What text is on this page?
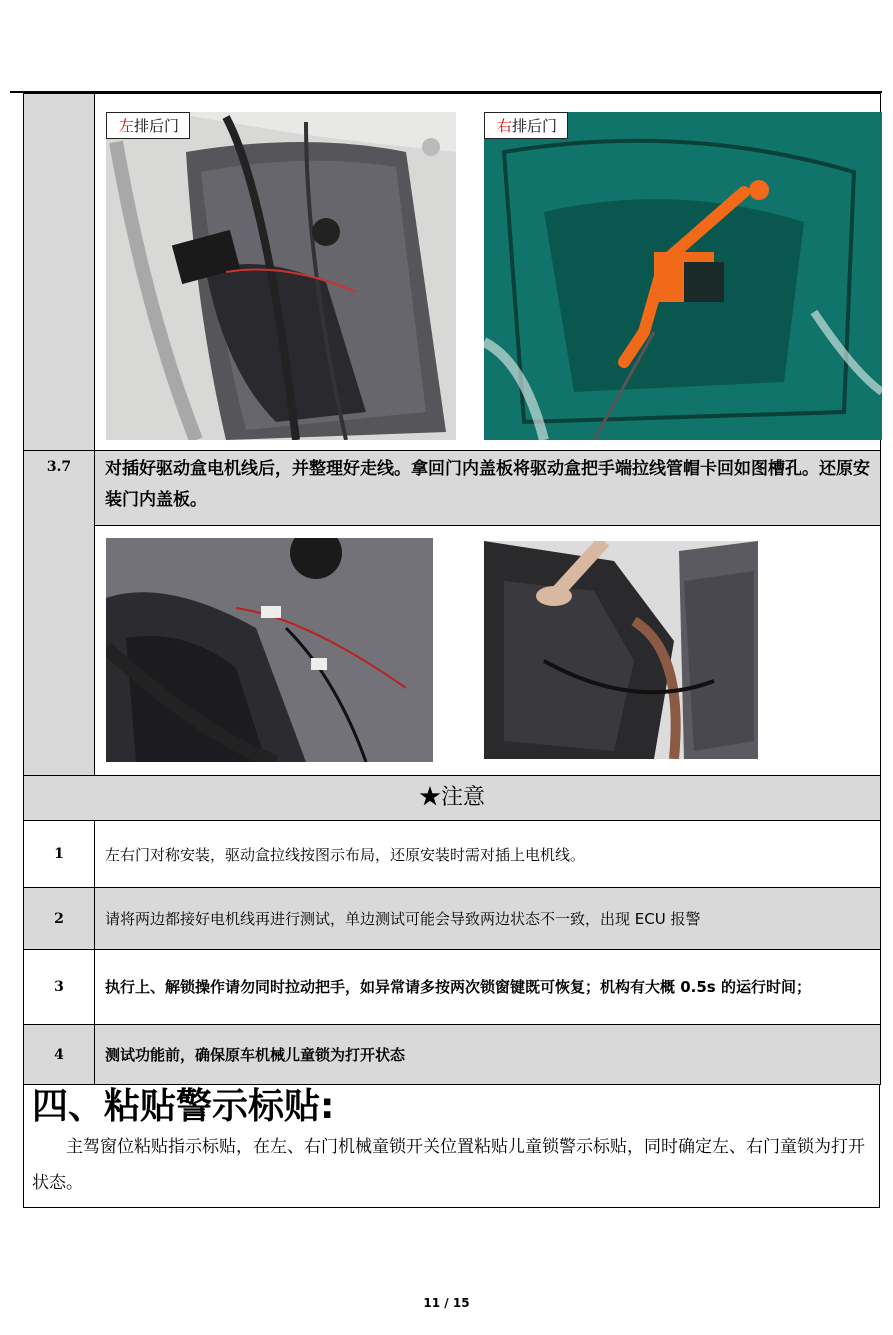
	左排后门 右排后门

3.7	对插好驱动盒电机线后，并整理好走线。拿回门内盖板将驱动盒把手端拉线管帽卡回如图槽孔。还原安装门内盖板。

★注意	
1	左右门对称安装，驱动盒拉线按图示布局，还原安装时需对插上电机线。
2	请将两边都接好电机线再进行测试，单边测试可能会导致两边状态不一致，出现 ECU 报警
3	执行上、解锁操作请勿同时拉动把手，如异常请多按两次锁窗键既可恢复；机构有大概 0.5s 的运行时间；
4	测试功能前，确保原车机械儿童锁为打开状态
四、粘贴警示标贴:

主驾窗位粘贴指示标贴，在左、右门机械童锁开关位置粘贴儿童锁警示标贴，同时确定左、右门童锁为打开状态。

11 / 15
